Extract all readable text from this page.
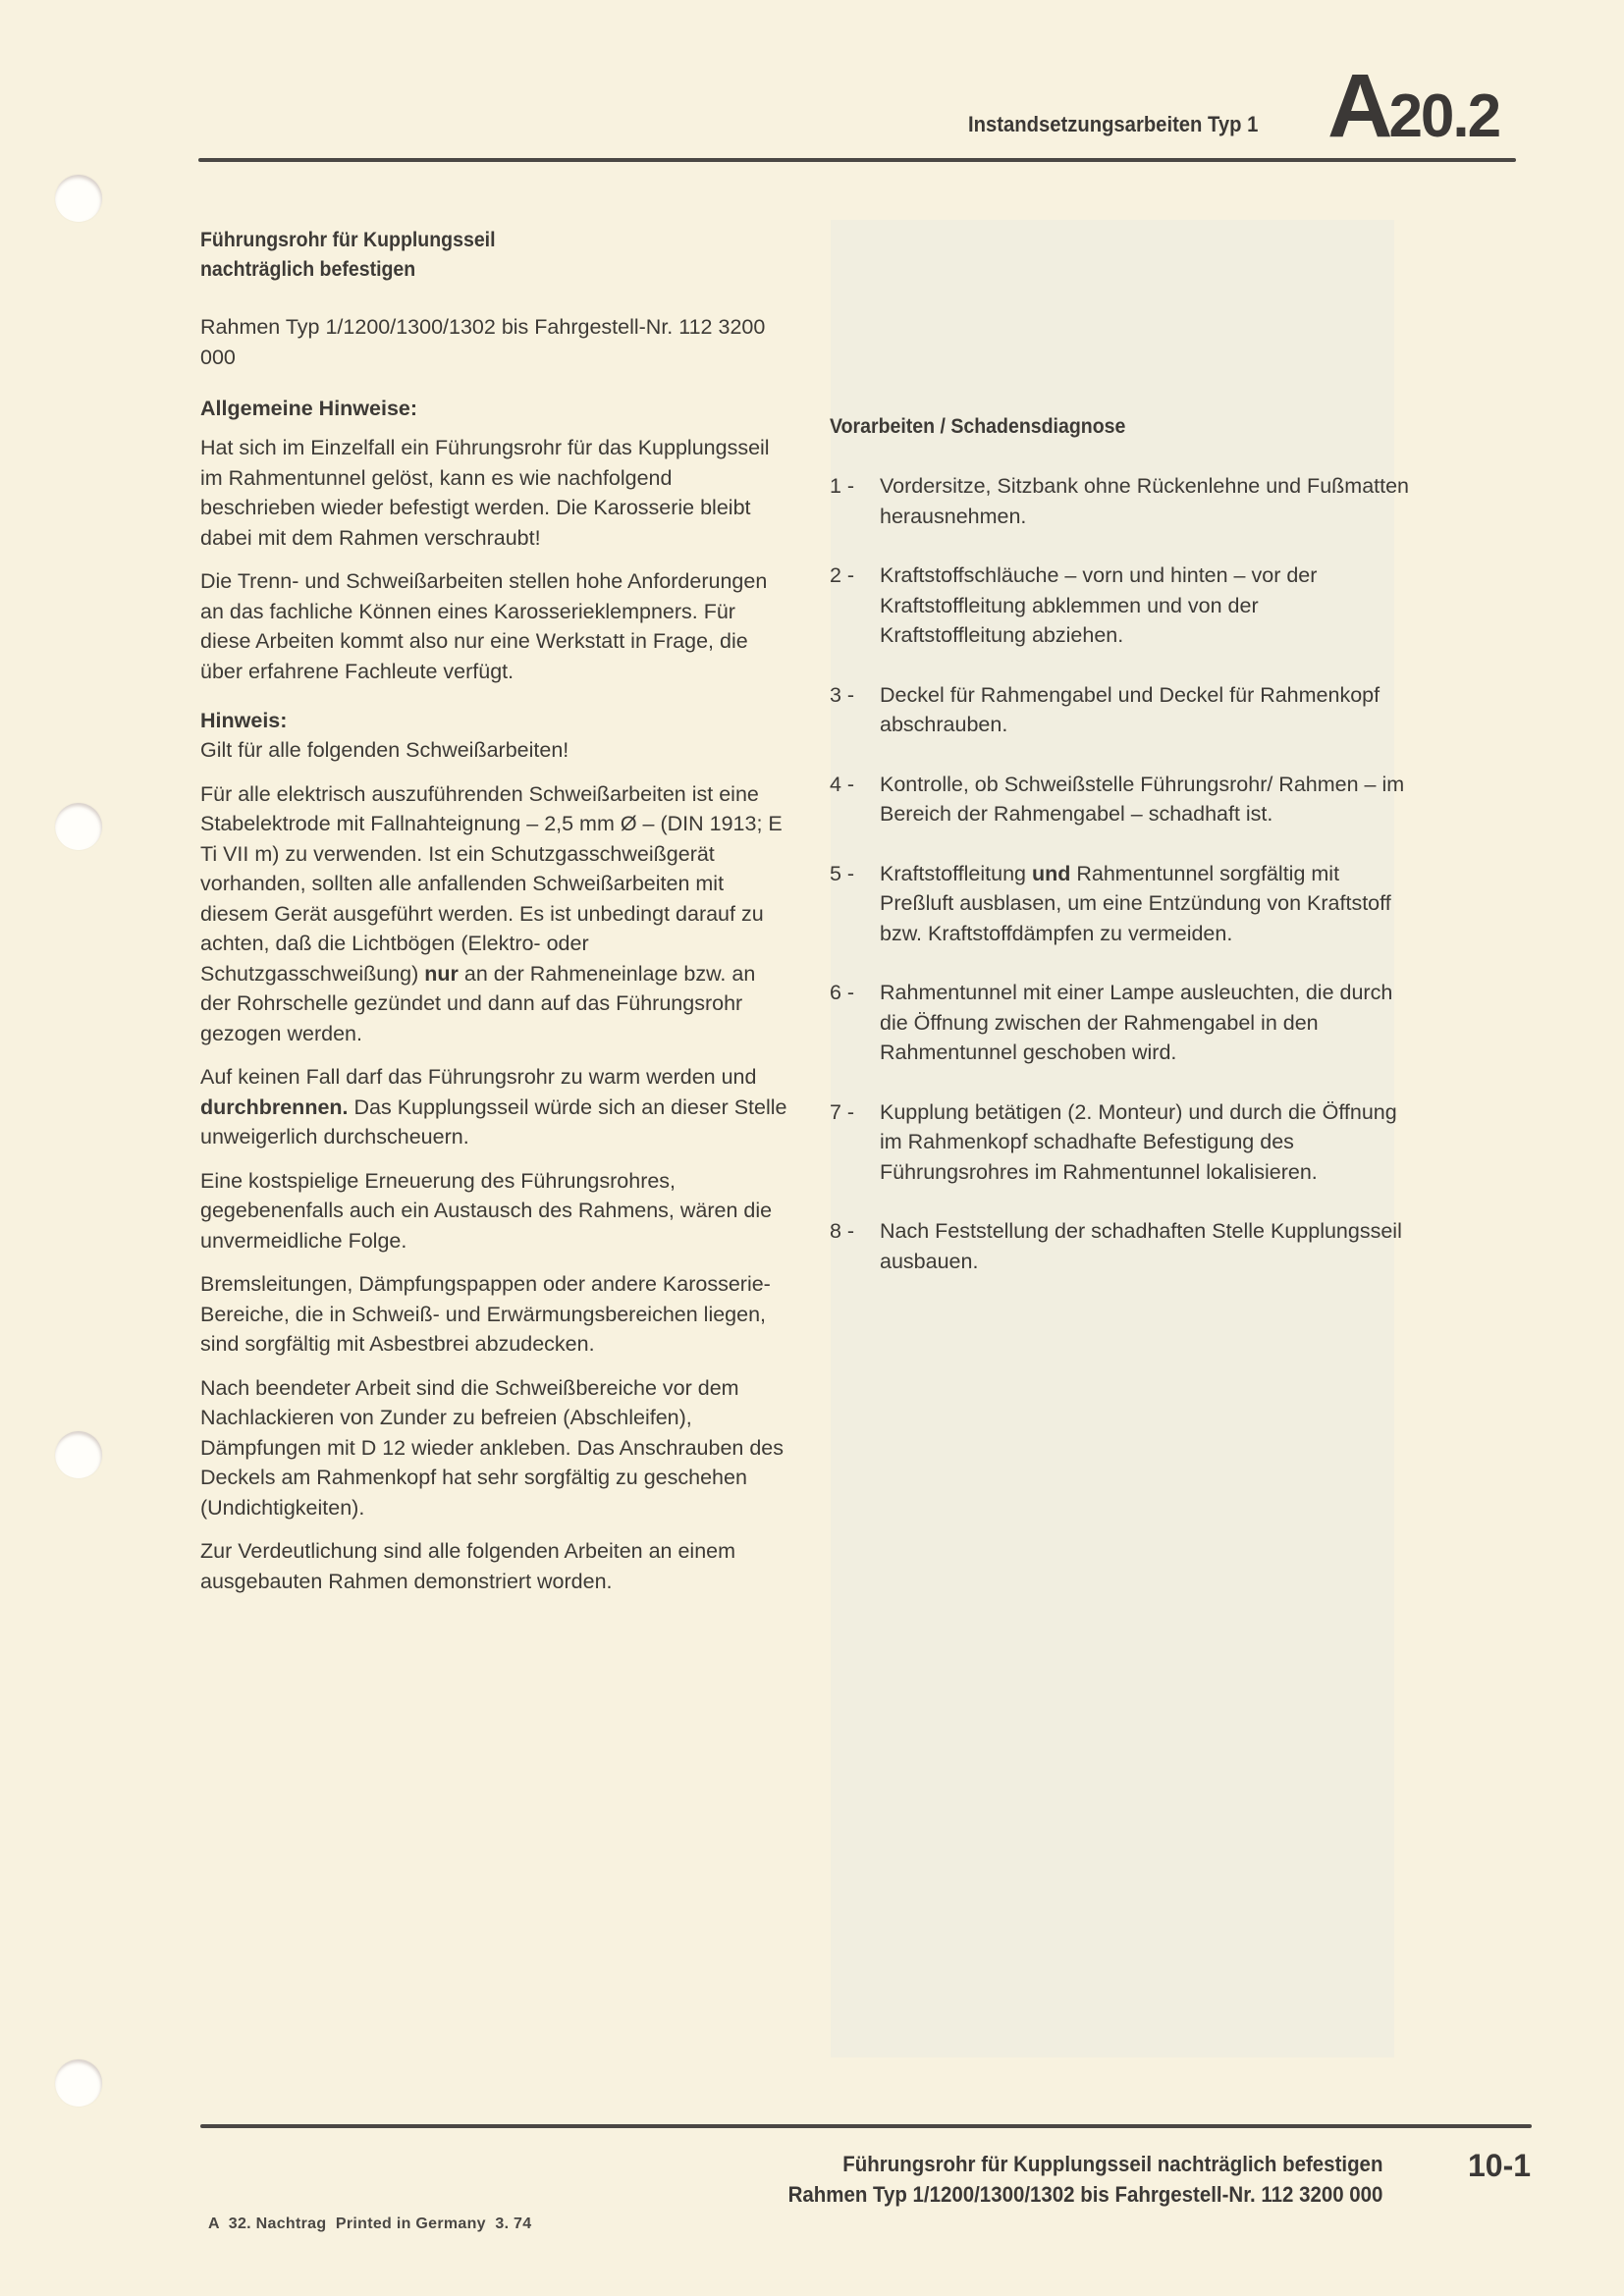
Instandsetzungsarbeiten Typ 1 A20.2

Führungsrohr für Kupplungsseil

nachträglich befestigen

Rahmen Typ 1/1200/1300/1302 bis Fahrgestell-Nr. 112 3200 000

Allgemeine Hinweise:

Hat sich im Einzelfall ein Führungsrohr für das Kupplungsseil im Rahmentunnel gelöst, kann es wie nachfolgend beschrieben wieder befestigt werden. Die Karosserie bleibt dabei mit dem Rahmen verschraubt!

Die Trenn- und Schweißarbeiten stellen hohe Anforderungen an das fachliche Können eines Karosserieklempners. Für diese Arbeiten kommt also nur eine Werkstatt in Frage, die über erfahrene Fachleute verfügt.

Hinweis:

Gilt für alle folgenden Schweißarbeiten!

Für alle elektrisch auszuführenden Schweißarbeiten ist eine Stabelektrode mit Fallnahteignung – 2,5 mm Ø – (DIN 1913; E Ti VII m) zu verwenden. Ist ein Schutzgasschweißgerät vorhanden, sollten alle anfallenden Schweißarbeiten mit diesem Gerät ausgeführt werden. Es ist unbedingt darauf zu achten, daß die Lichtbögen (Elektro- oder Schutzgasschweißung) nur an der Rahmeneinlage bzw. an der Rohrschelle gezündet und dann auf das Führungsrohr gezogen werden.

Auf keinen Fall darf das Führungsrohr zu warm werden und durchbrennen. Das Kupplungsseil würde sich an dieser Stelle unweigerlich durchscheuern.

Eine kostspielige Erneuerung des Führungsrohres, gegebenenfalls auch ein Austausch des Rahmens, wären die unvermeidliche Folge.

Bremsleitungen, Dämpfungspappen oder andere Karosserie-Bereiche, die in Schweiß- und Erwärmungsbereichen liegen, sind sorgfältig mit Asbestbrei abzudecken.

Nach beendeter Arbeit sind die Schweißbereiche vor dem Nachlackieren von Zunder zu befreien (Abschleifen), Dämpfungen mit D 12 wieder ankleben. Das Anschrauben des Deckels am Rahmenkopf hat sehr sorgfältig zu geschehen (Undichtigkeiten).

Zur Verdeutlichung sind alle folgenden Arbeiten an einem ausgebauten Rahmen demonstriert worden.

Vorarbeiten / Schadensdiagnose

1 -	Vordersitze, Sitzbank ohne Rückenlehne und Fußmatten herausnehmen.
2 -	Kraftstoffschläuche – vorn und hinten – vor der Kraftstoffleitung abklemmen und von der Kraftstoffleitung abziehen.
3 -	Deckel für Rahmengabel und Deckel für Rahmenkopf abschrauben.
4 -	Kontrolle, ob Schweißstelle Führungsrohr/ Rahmen – im Bereich der Rahmengabel – schadhaft ist.
5 -	Kraftstoffleitung und Rahmentunnel sorgfältig mit Preßluft ausblasen, um eine Entzündung von Kraftstoff bzw. Kraftstoffdämpfen zu vermeiden.
6 -	Rahmentunnel mit einer Lampe ausleuchten, die durch die Öffnung zwischen der Rahmengabel in den Rahmentunnel geschoben wird.
7 -	Kupplung betätigen (2. Monteur) und durch die Öffnung im Rahmenkopf schadhafte Befestigung des Führungsrohres im Rahmentunnel lokalisieren.
8 -	Nach Feststellung der schadhaften Stelle Kupplungsseil ausbauen.
Führungsrohr für Kupplungsseil nachträglich befestigen
Rahmen Typ 1/1200/1300/1302 bis Fahrgestell-Nr. 112 3200 000
10-1
A  32. Nachtrag  Printed in Germany  3. 74
